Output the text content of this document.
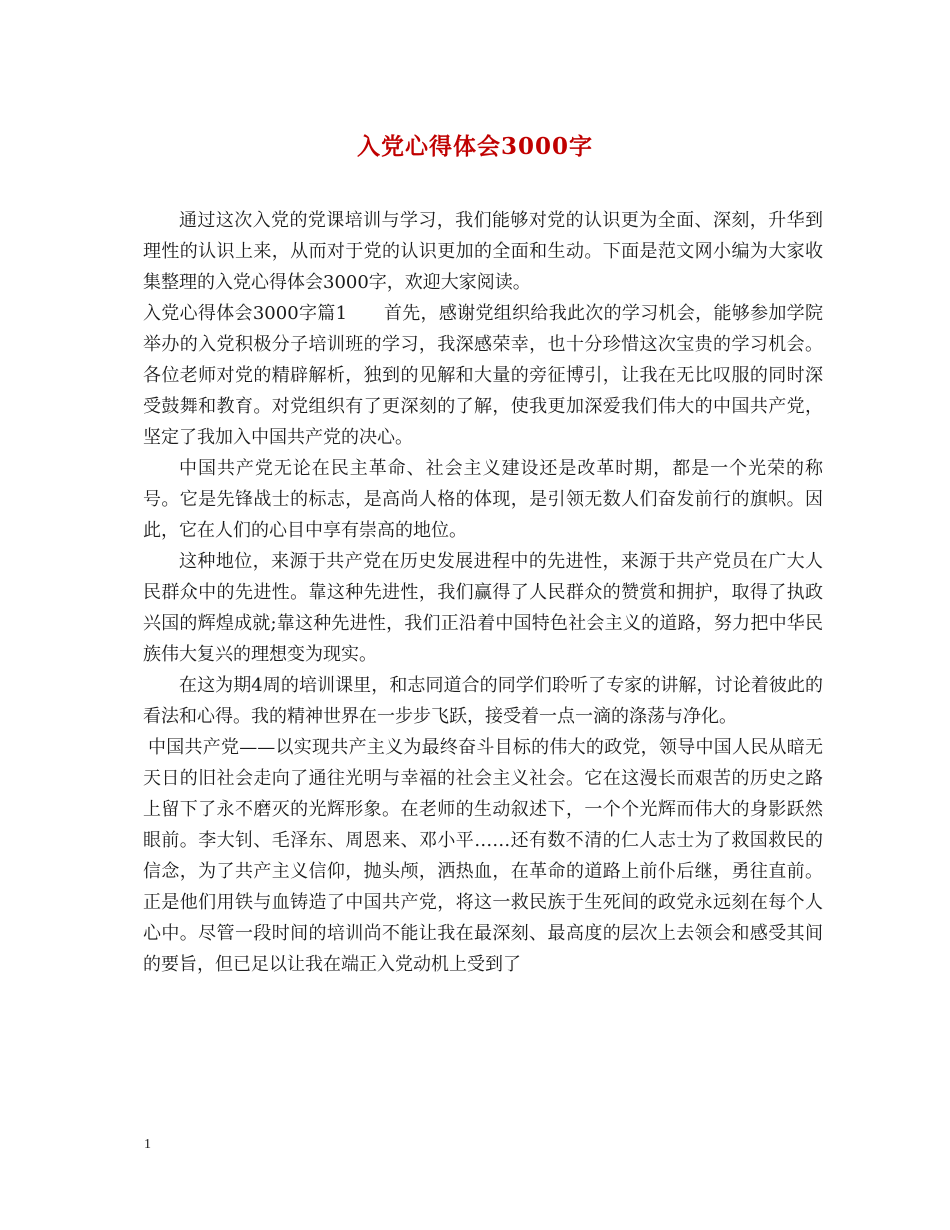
入党心得体会3000字

通过这次入党的党课培训与学习，我们能够对党的认识更为全面、深刻，升华到理性的认识上来，从而对于党的认识更加的全面和生动。下面是范文网小编为大家收集整理的入党心得体会3000字，欢迎大家阅读。

入党心得体会3000字篇1　　首先，感谢党组织给我此次的学习机会，能够参加学院举办的入党积极分子培训班的学习，我深感荣幸，也十分珍惜这次宝贵的学习机会。各位老师对党的精辟解析，独到的见解和大量的旁征博引，让我在无比叹服的同时深受鼓舞和教育。对党组织有了更深刻的了解，使我更加深爱我们伟大的中国共产党，坚定了我加入中国共产党的决心。

中国共产党无论在民主革命、社会主义建设还是改革时期，都是一个光荣的称号。它是先锋战士的标志，是高尚人格的体现，是引领无数人们奋发前行的旗帜。因此，它在人们的心目中享有崇高的地位。

这种地位，来源于共产党在历史发展进程中的先进性，来源于共产党员在广大人民群众中的先进性。靠这种先进性，我们赢得了人民群众的赞赏和拥护，取得了执政兴国的辉煌成就;靠这种先进性，我们正沿着中国特色社会主义的道路，努力把中华民族伟大复兴的理想变为现实。

在这为期4周的培训课里，和志同道合的同学们聆听了专家的讲解，讨论着彼此的看法和心得。我的精神世界在一步步飞跃，接受着一点一滴的涤荡与净化。

中国共产党——以实现共产主义为最终奋斗目标的伟大的政党，领导中国人民从暗无天日的旧社会走向了通往光明与幸福的社会主义社会。它在这漫长而艰苦的历史之路上留下了永不磨灭的光辉形象。在老师的生动叙述下，一个个光辉而伟大的身影跃然眼前。李大钊、毛泽东、周恩来、邓小平……还有数不清的仁人志士为了救国救民的信念，为了共产主义信仰，抛头颅，洒热血，在革命的道路上前仆后继，勇往直前。正是他们用铁与血铸造了中国共产党，将这一救民族于生死间的政党永远刻在每个人心中。尽管一段时间的培训尚不能让我在最深刻、最高度的层次上去领会和感受其间的要旨，但已足以让我在端正入党动机上受到了

1
